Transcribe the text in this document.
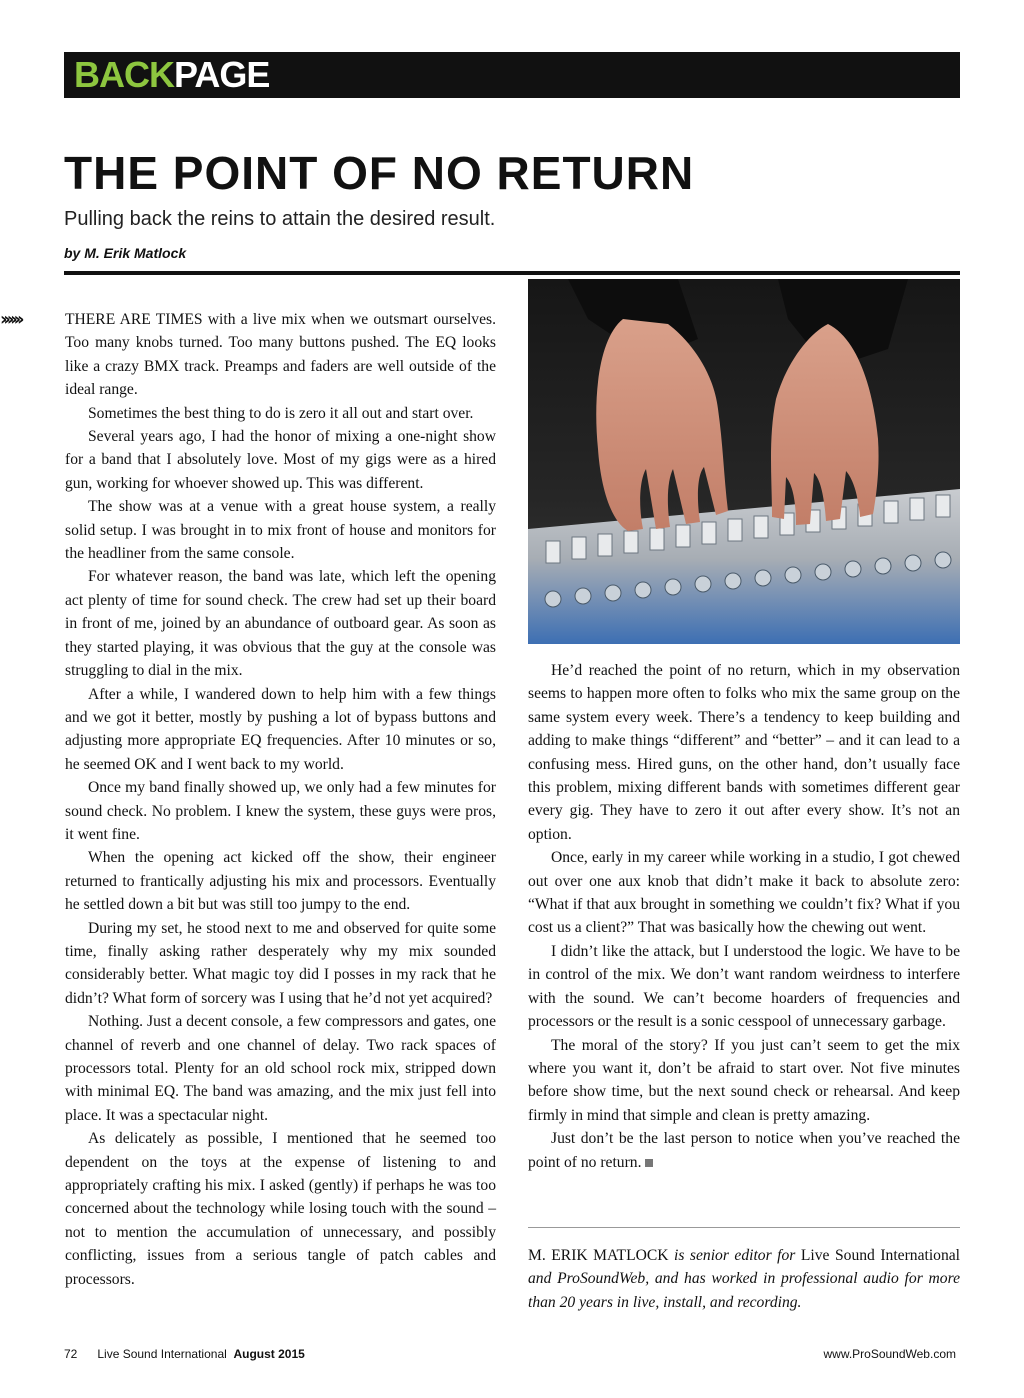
BACK PAGE
THE POINT OF NO RETURN
Pulling back the reins to attain the desired result.
by M. Erik Matlock
››››››	THERE ARE TIMES with a live mix when we outsmart ourselves. Too many knobs turned. Too many buttons pushed. The EQ looks like a crazy BMX track. Preamps and faders are well outside of the ideal range.

Sometimes the best thing to do is zero it all out and start over.

Several years ago, I had the honor of mixing a one-night show for a band that I absolutely love. Most of my gigs were as a hired gun, working for whoever showed up. This was different.

The show was at a venue with a great house system, a really solid setup. I was brought in to mix front of house and monitors for the headliner from the same console.

For whatever reason, the band was late, which left the opening act plenty of time for sound check. The crew had set up their board in front of me, joined by an abundance of outboard gear. As soon as they started playing, it was obvious that the guy at the console was struggling to dial in the mix.

After a while, I wandered down to help him with a few things and we got it better, mostly by pushing a lot of bypass buttons and adjusting more appropriate EQ frequencies. After 10 minutes or so, he seemed OK and I went back to my world.

Once my band finally showed up, we only had a few minutes for sound check. No problem. I knew the system, these guys were pros, it went fine.

When the opening act kicked off the show, their engineer returned to frantically adjusting his mix and processors. Eventually he settled down a bit but was still too jumpy to the end.

During my set, he stood next to me and observed for quite some time, finally asking rather desperately why my mix sounded considerably better. What magic toy did I posses in my rack that he didn’t? What form of sorcery was I using that he’d not yet acquired?

Nothing. Just a decent console, a few compressors and gates, one channel of reverb and one channel of delay. Two rack spaces of processors total. Plenty for an old school rock mix, stripped down with minimal EQ. The band was amazing, and the mix just fell into place. It was a spectacular night.

As delicately as possible, I mentioned that he seemed too dependent on the toys at the expense of listening to and appropriately crafting his mix. I asked (gently) if perhaps he was too concerned about the technology while losing touch with the sound – not to mention the accumulation of unnecessary, and possibly conflicting, issues from a serious tangle of patch cables and processors.

He’d reached the point of no return, which in my observation seems to happen more often to folks who mix the same group on the same system every week. There’s a tendency to keep building and adding to make things “different” and “better” – and it can lead to a confusing mess. Hired guns, on the other hand, don’t usually face this problem, mixing different bands with sometimes different gear every gig. They have to zero it out after every show. It’s not an option.

Once, early in my career while working in a studio, I got chewed out over one aux knob that didn’t make it back to absolute zero: “What if that aux brought in something we couldn’t fix? What if you cost us a client?” That was basically how the chewing out went.

I didn’t like the attack, but I understood the logic. We have to be in control of the mix. We don’t want random weirdness to interfere with the sound. We can’t become hoarders of frequencies and processors or the result is a sonic cesspool of unnecessary garbage.

The moral of the story? If you just can’t seem to get the mix where you want it, don’t be afraid to start over. Not five minutes before show time, but the next sound check or rehearsal. And keep firmly in mind that simple and clean is pretty amazing.

Just don’t be the last person to notice when you’ve reached the point of no return.

M. ERIK MATLOCK is senior editor for Live Sound International and ProSoundWeb, and has worked in professional audio for more than 20 years in live, install, and recording.
72 Live Sound International August 2015	www.ProSoundWeb.com
